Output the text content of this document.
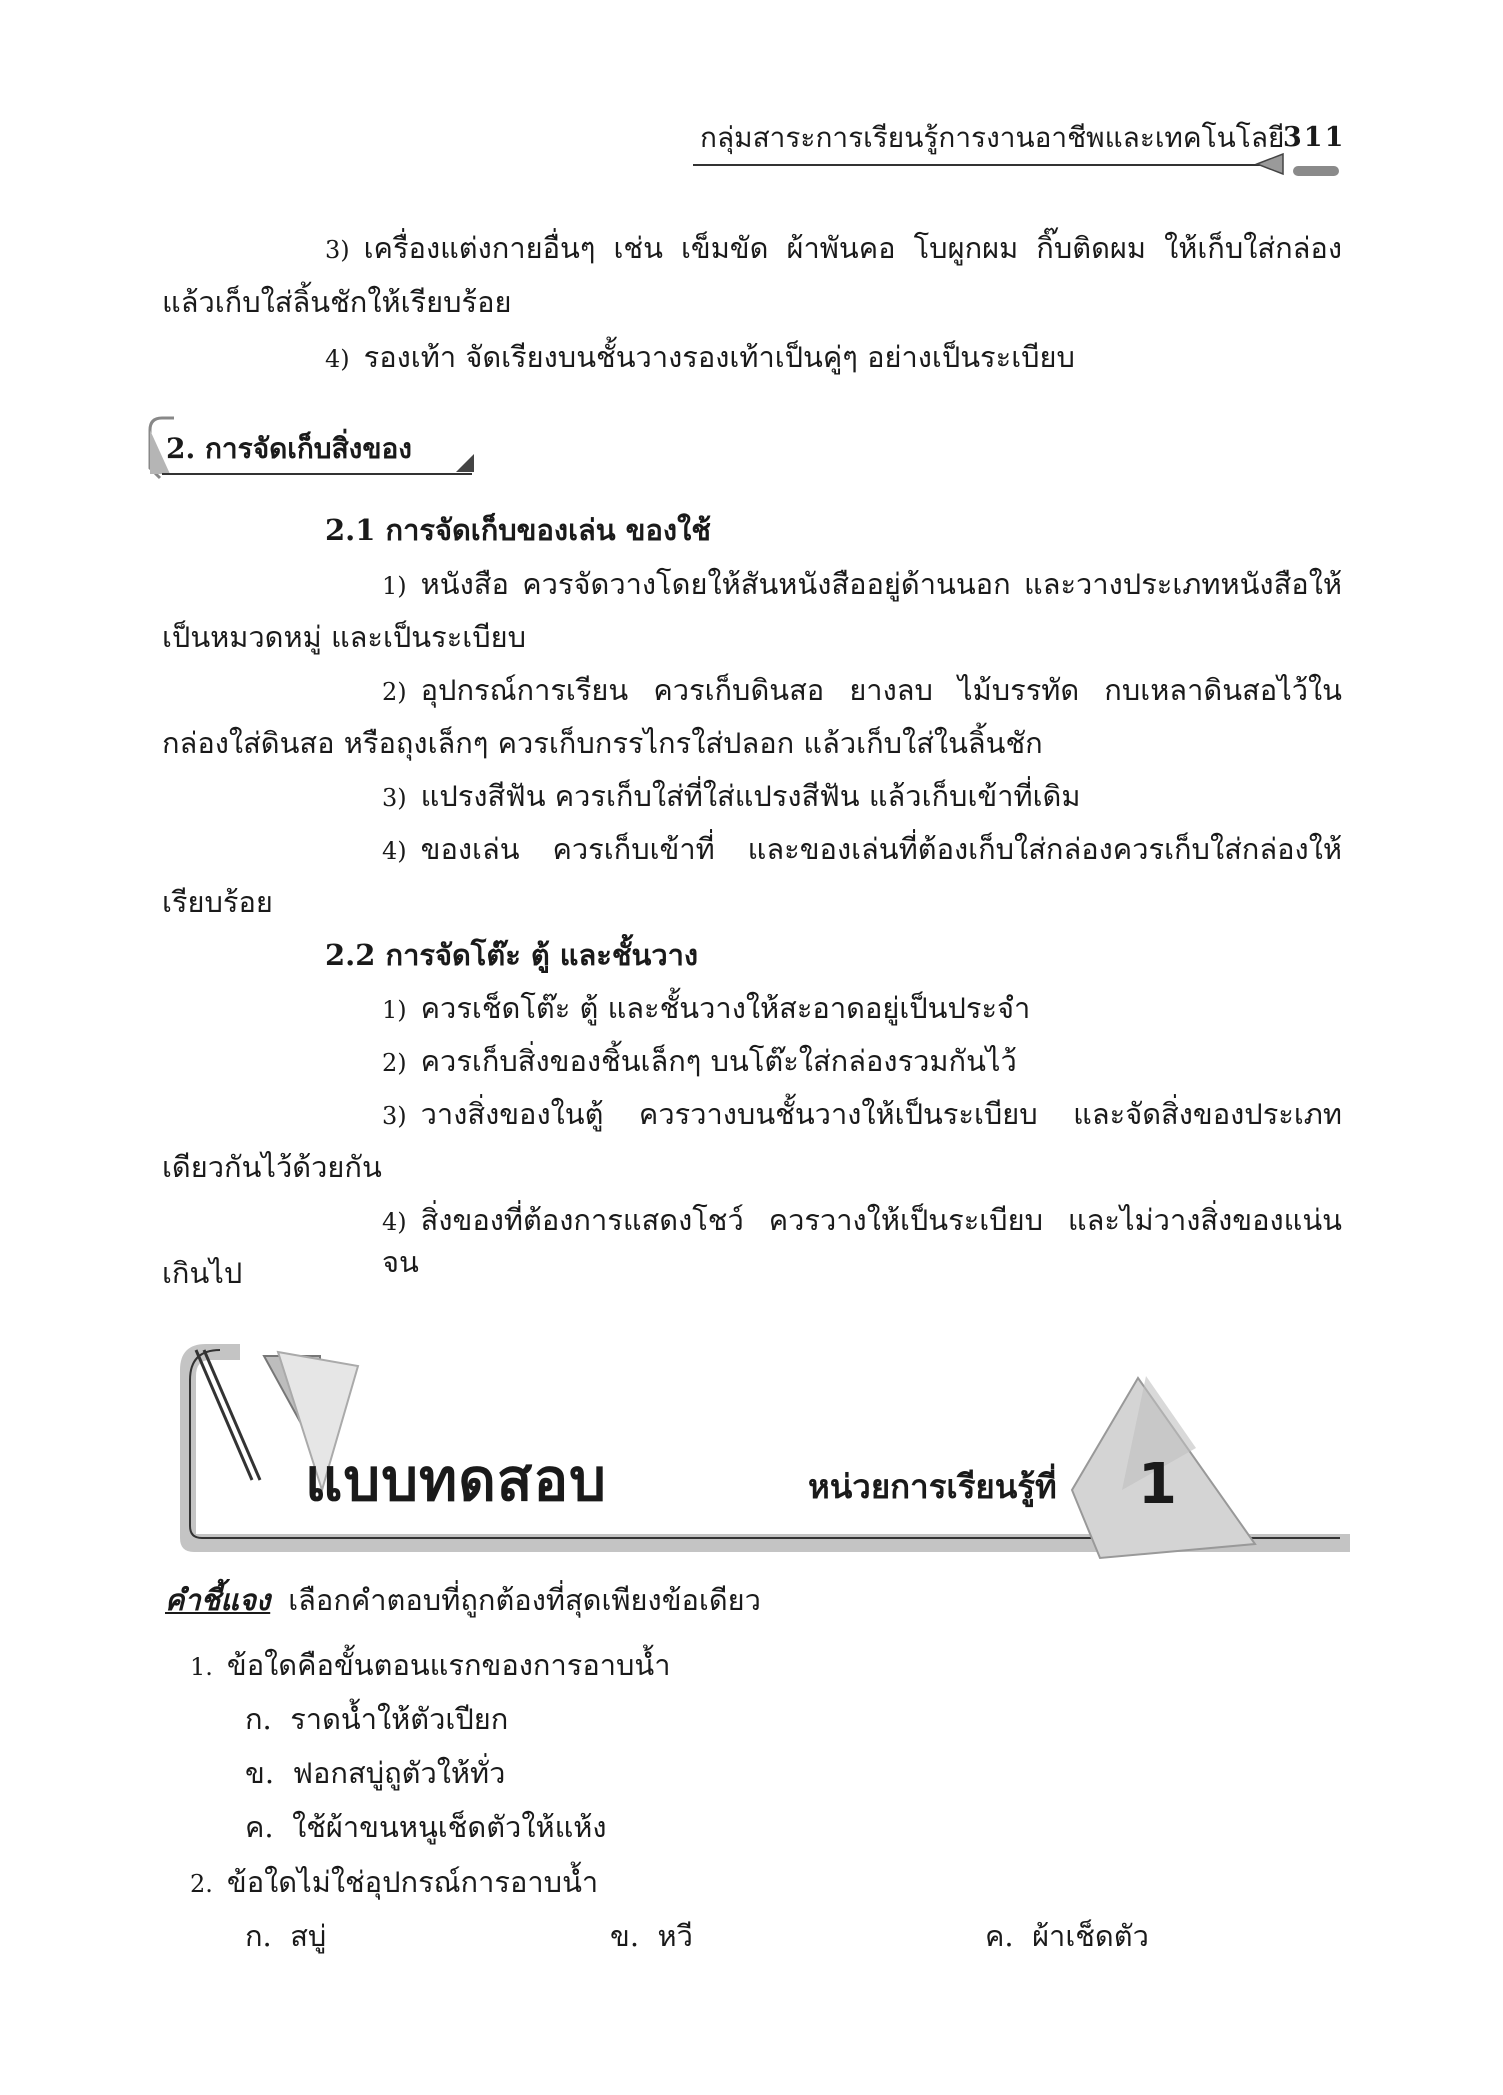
กลุ่มสาระการเรียนรู้การงานอาชีพและเทคโนโลยี
311
3) เครื่องแต่งกายอื่นๆ เช่น เข็มขัด ผ้าพันคอ โบผูกผม กิ๊บติดผม ให้เก็บใส่กล่อง
แล้วเก็บใส่ลิ้นชักให้เรียบร้อย
4) รองเท้า จัดเรียงบนชั้นวางรองเท้าเป็นคู่ๆ อย่างเป็นระเบียบ
2. การจัดเก็บสิ่งของ
2.1 การจัดเก็บของเล่น ของใช้
1) หนังสือ ควรจัดวางโดยให้สันหนังสืออยู่ด้านนอก และวางประเภทหนังสือให้
เป็นหมวดหมู่ และเป็นระเบียบ
2) อุปกรณ์การเรียน ควรเก็บดินสอ ยางลบ ไม้บรรทัด กบเหลาดินสอไว้ใน
กล่องใส่ดินสอ หรือถุงเล็กๆ ควรเก็บกรรไกรใส่ปลอก แล้วเก็บใส่ในลิ้นชัก
3) แปรงสีฟัน ควรเก็บใส่ที่ใส่แปรงสีฟัน แล้วเก็บเข้าที่เดิม
4) ของเล่น ควรเก็บเข้าที่ และของเล่นที่ต้องเก็บใส่กล่องควรเก็บใส่กล่องให้
เรียบร้อย
2.2 การจัดโต๊ะ ตู้ และชั้นวาง
1) ควรเช็ดโต๊ะ ตู้ และชั้นวางให้สะอาดอยู่เป็นประจำ
2) ควรเก็บสิ่งของชิ้นเล็กๆ บนโต๊ะใส่กล่องรวมกันไว้
3) วางสิ่งของในตู้ ควรวางบนชั้นวางให้เป็นระเบียบ และจัดสิ่งของประเภท
เดียวกันไว้ด้วยกัน
4) สิ่งของที่ต้องการแสดงโชว์ ควรวางให้เป็นระเบียบ และไม่วางสิ่งของแน่นจน
เกินไป
แบบทดสอบ	หน่วยการเรียนรู้ที่ 1
คำชี้แจง เลือกคำตอบที่ถูกต้องที่สุดเพียงข้อเดียว
1. ข้อใดคือขั้นตอนแรกของการอาบน้ำ
ก. ราดน้ำให้ตัวเปียก
ข. ฟอกสบู่ถูตัวให้ทั่ว
ค. ใช้ผ้าขนหนูเช็ดตัวให้แห้ง
2. ข้อใดไม่ใช่อุปกรณ์การอาบน้ำ
ก. สบู่	ข. หวี	ค. ผ้าเช็ดตัว
